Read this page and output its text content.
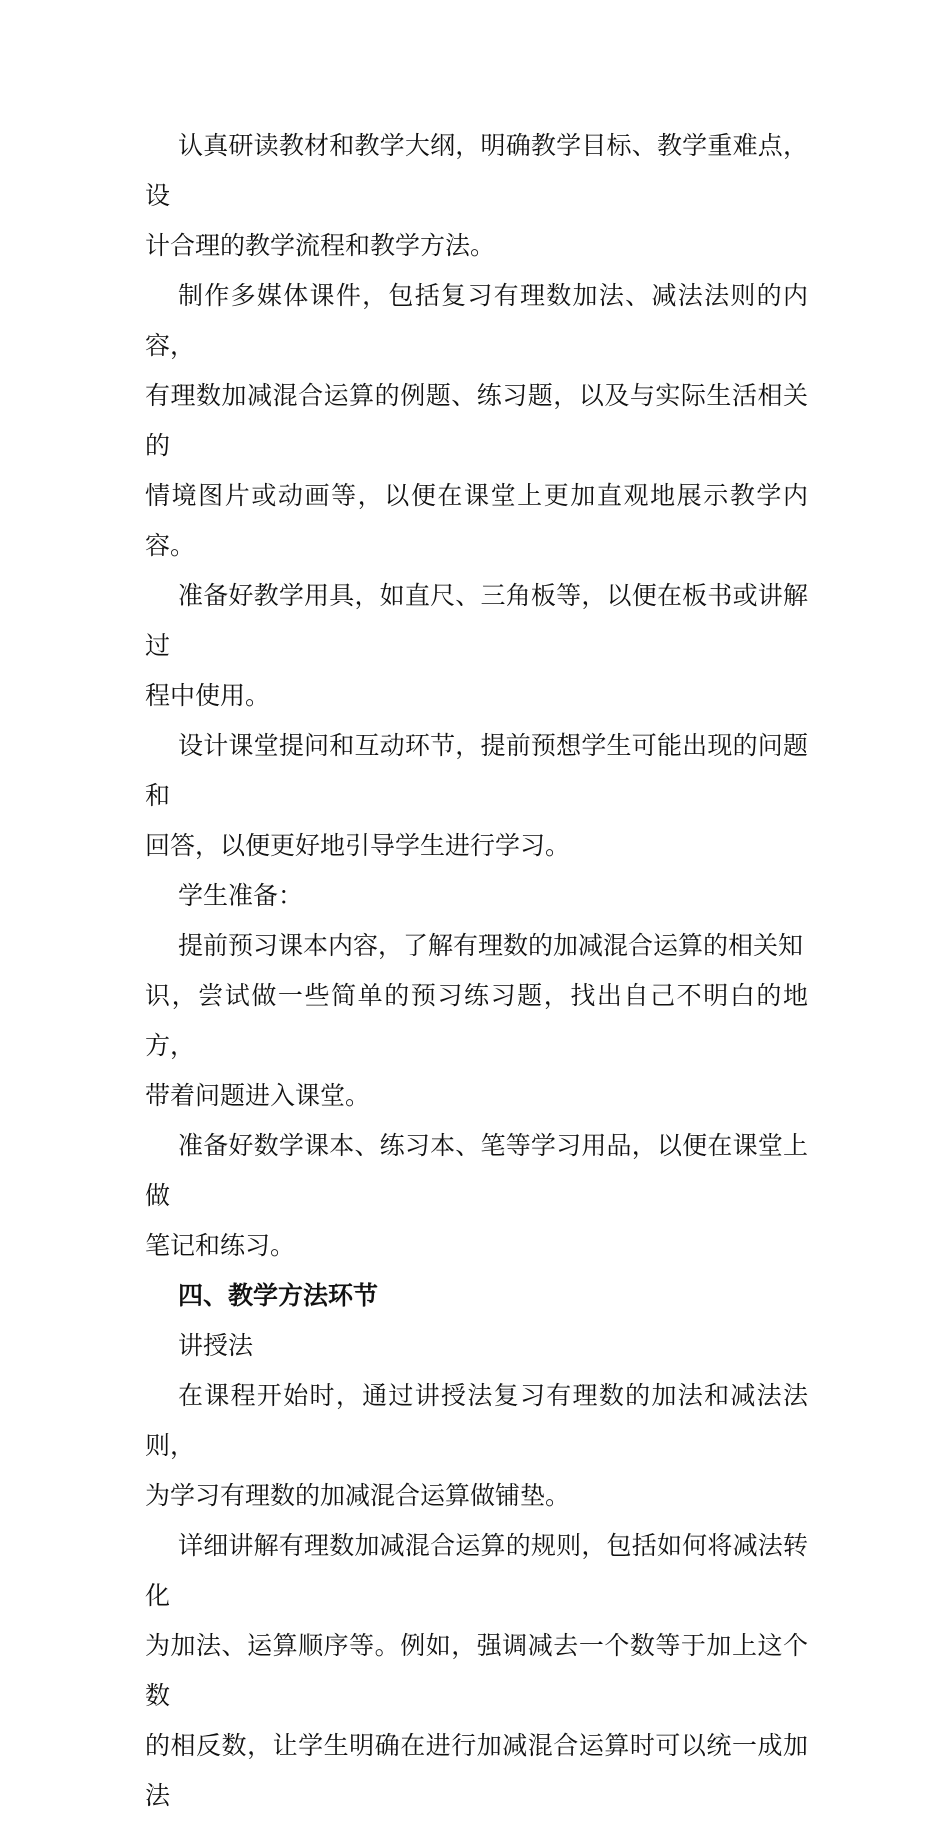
认真研读教材和教学大纲，明确教学目标、教学重难点，设
计合理的教学流程和教学方法。

制作多媒体课件，包括复习有理数加法、减法法则的内容，
有理数加减混合运算的例题、练习题，以及与实际生活相关的
情境图片或动画等，以便在课堂上更加直观地展示教学内容。

准备好教学用具，如直尺、三角板等，以便在板书或讲解过
程中使用。

设计课堂提问和互动环节，提前预想学生可能出现的问题和
回答，以便更好地引导学生进行学习。

学生准备：

提前预习课本内容，了解有理数的加减混合运算的相关知
识，尝试做一些简单的预习练习题，找出自己不明白的地方，
带着问题进入课堂。

准备好数学课本、练习本、笔等学习用品，以便在课堂上做
笔记和练习。

四、教学方法环节

讲授法

在课程开始时，通过讲授法复习有理数的加法和减法法则，
为学习有理数的加减混合运算做铺垫。

详细讲解有理数加减混合运算的规则，包括如何将减法转化
为加法、运算顺序等。例如，强调减去一个数等于加上这个数
的相反数，让学生明确在进行加减混合运算时可以统一成加法
